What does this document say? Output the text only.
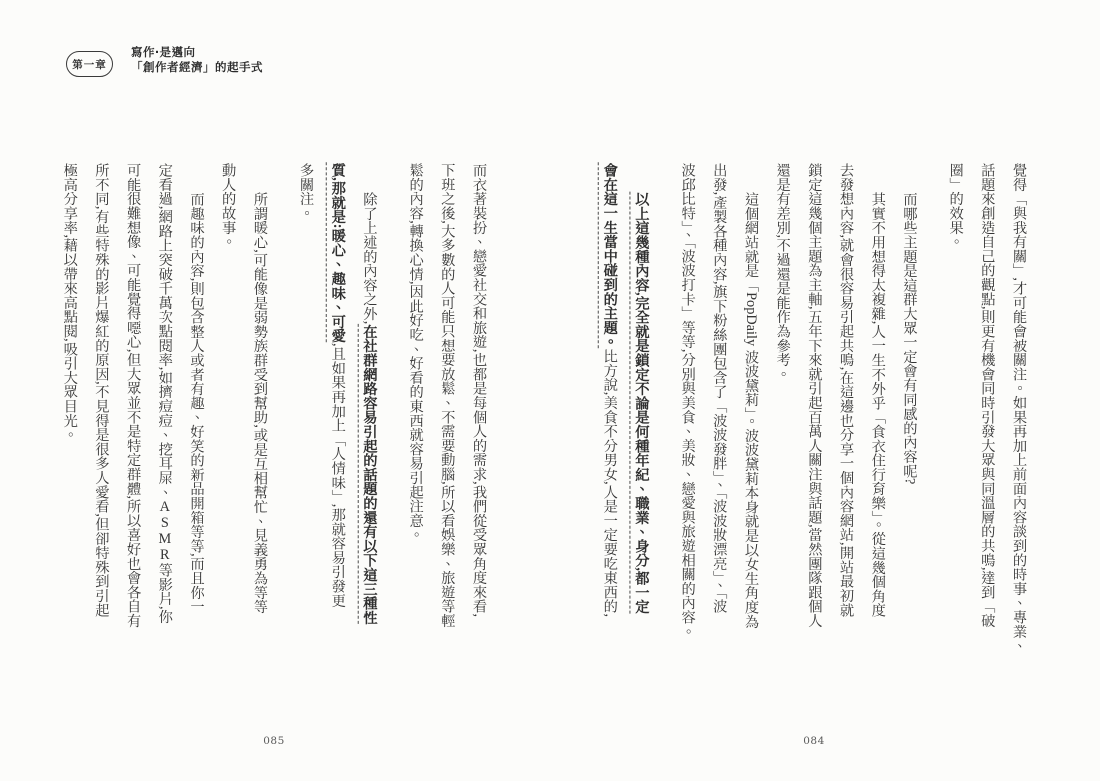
第一章
寫作‧是邁向
「創作者經濟」的起手式
覺得「與我有關」,才可能會被關注。如果再加上前面內容談到的時事、專業、
話題來創造自己的觀點,則更有機會同時引發大眾與同溫層的共鳴,達到「破
圈」的效果。
而哪些主題是這群大眾一定會有同感的內容呢?
其實不用想得太複雜,人一生不外乎「食衣住行育樂」。從這幾個角度
去發想內容,就會很容易引起共鳴,在這邊也分享一個內容網站,開站最初就
鎖定這幾個主題為主軸,五年下來就引起百萬人關注與話題,當然團隊跟個人
還是有差別,不過還是能作為參考。
這個網站就是「PopDaily 波波黛莉」。波波黛莉本身就是以女生角度為
出發,產製各種內容,旗下粉絲團包含了「波波發胖」、「波波妝漂亮」、「波
波邱比特」、「波波打卡」等等,分別與美食、美妝、戀愛與旅遊相關的內容。
以上這幾種內容,完全就是鎖定不論是何種年紀、職業、身分,都一定
會在這一生當中碰到的主題。比方說,美食不分男女,人是一定要吃東西的,
而衣著裝扮、戀愛社交和旅遊,也都是每個人的需求,我們從受眾角度來看,
下班之後,大多數的人可能只想要放鬆、不需要動腦,所以看娛樂、旅遊等輕
鬆的內容,轉換心情,因此好吃、好看的東西就容易引起注意。
除了上述的內容之外,在社群網路容易引起的話題的還有以下這三種性
質,那就是:暖心、趣味、可愛,且如果再加上「人情味」,那就容易引發更
多關注。
所謂暖心,可能像是弱勢族群受到幫助,或是互相幫忙、見義勇為等等
動人的故事。
而趣味的內容,則包含整人或者有趣、好笑的新品開箱等等,而且你一
定看過,網路上突破千萬次點閱率,如擠痘痘、挖耳屎、ASMR等影片,你
可能很難想像、可能覺得噁心,但大眾並不是特定群體,所以喜好也會各自有
所不同,有些特殊的影片爆紅的原因,不見得是很多人愛看,但卻特殊到引起
極高分享率,藉以帶來高點閱,吸引大眾目光。
084
085
